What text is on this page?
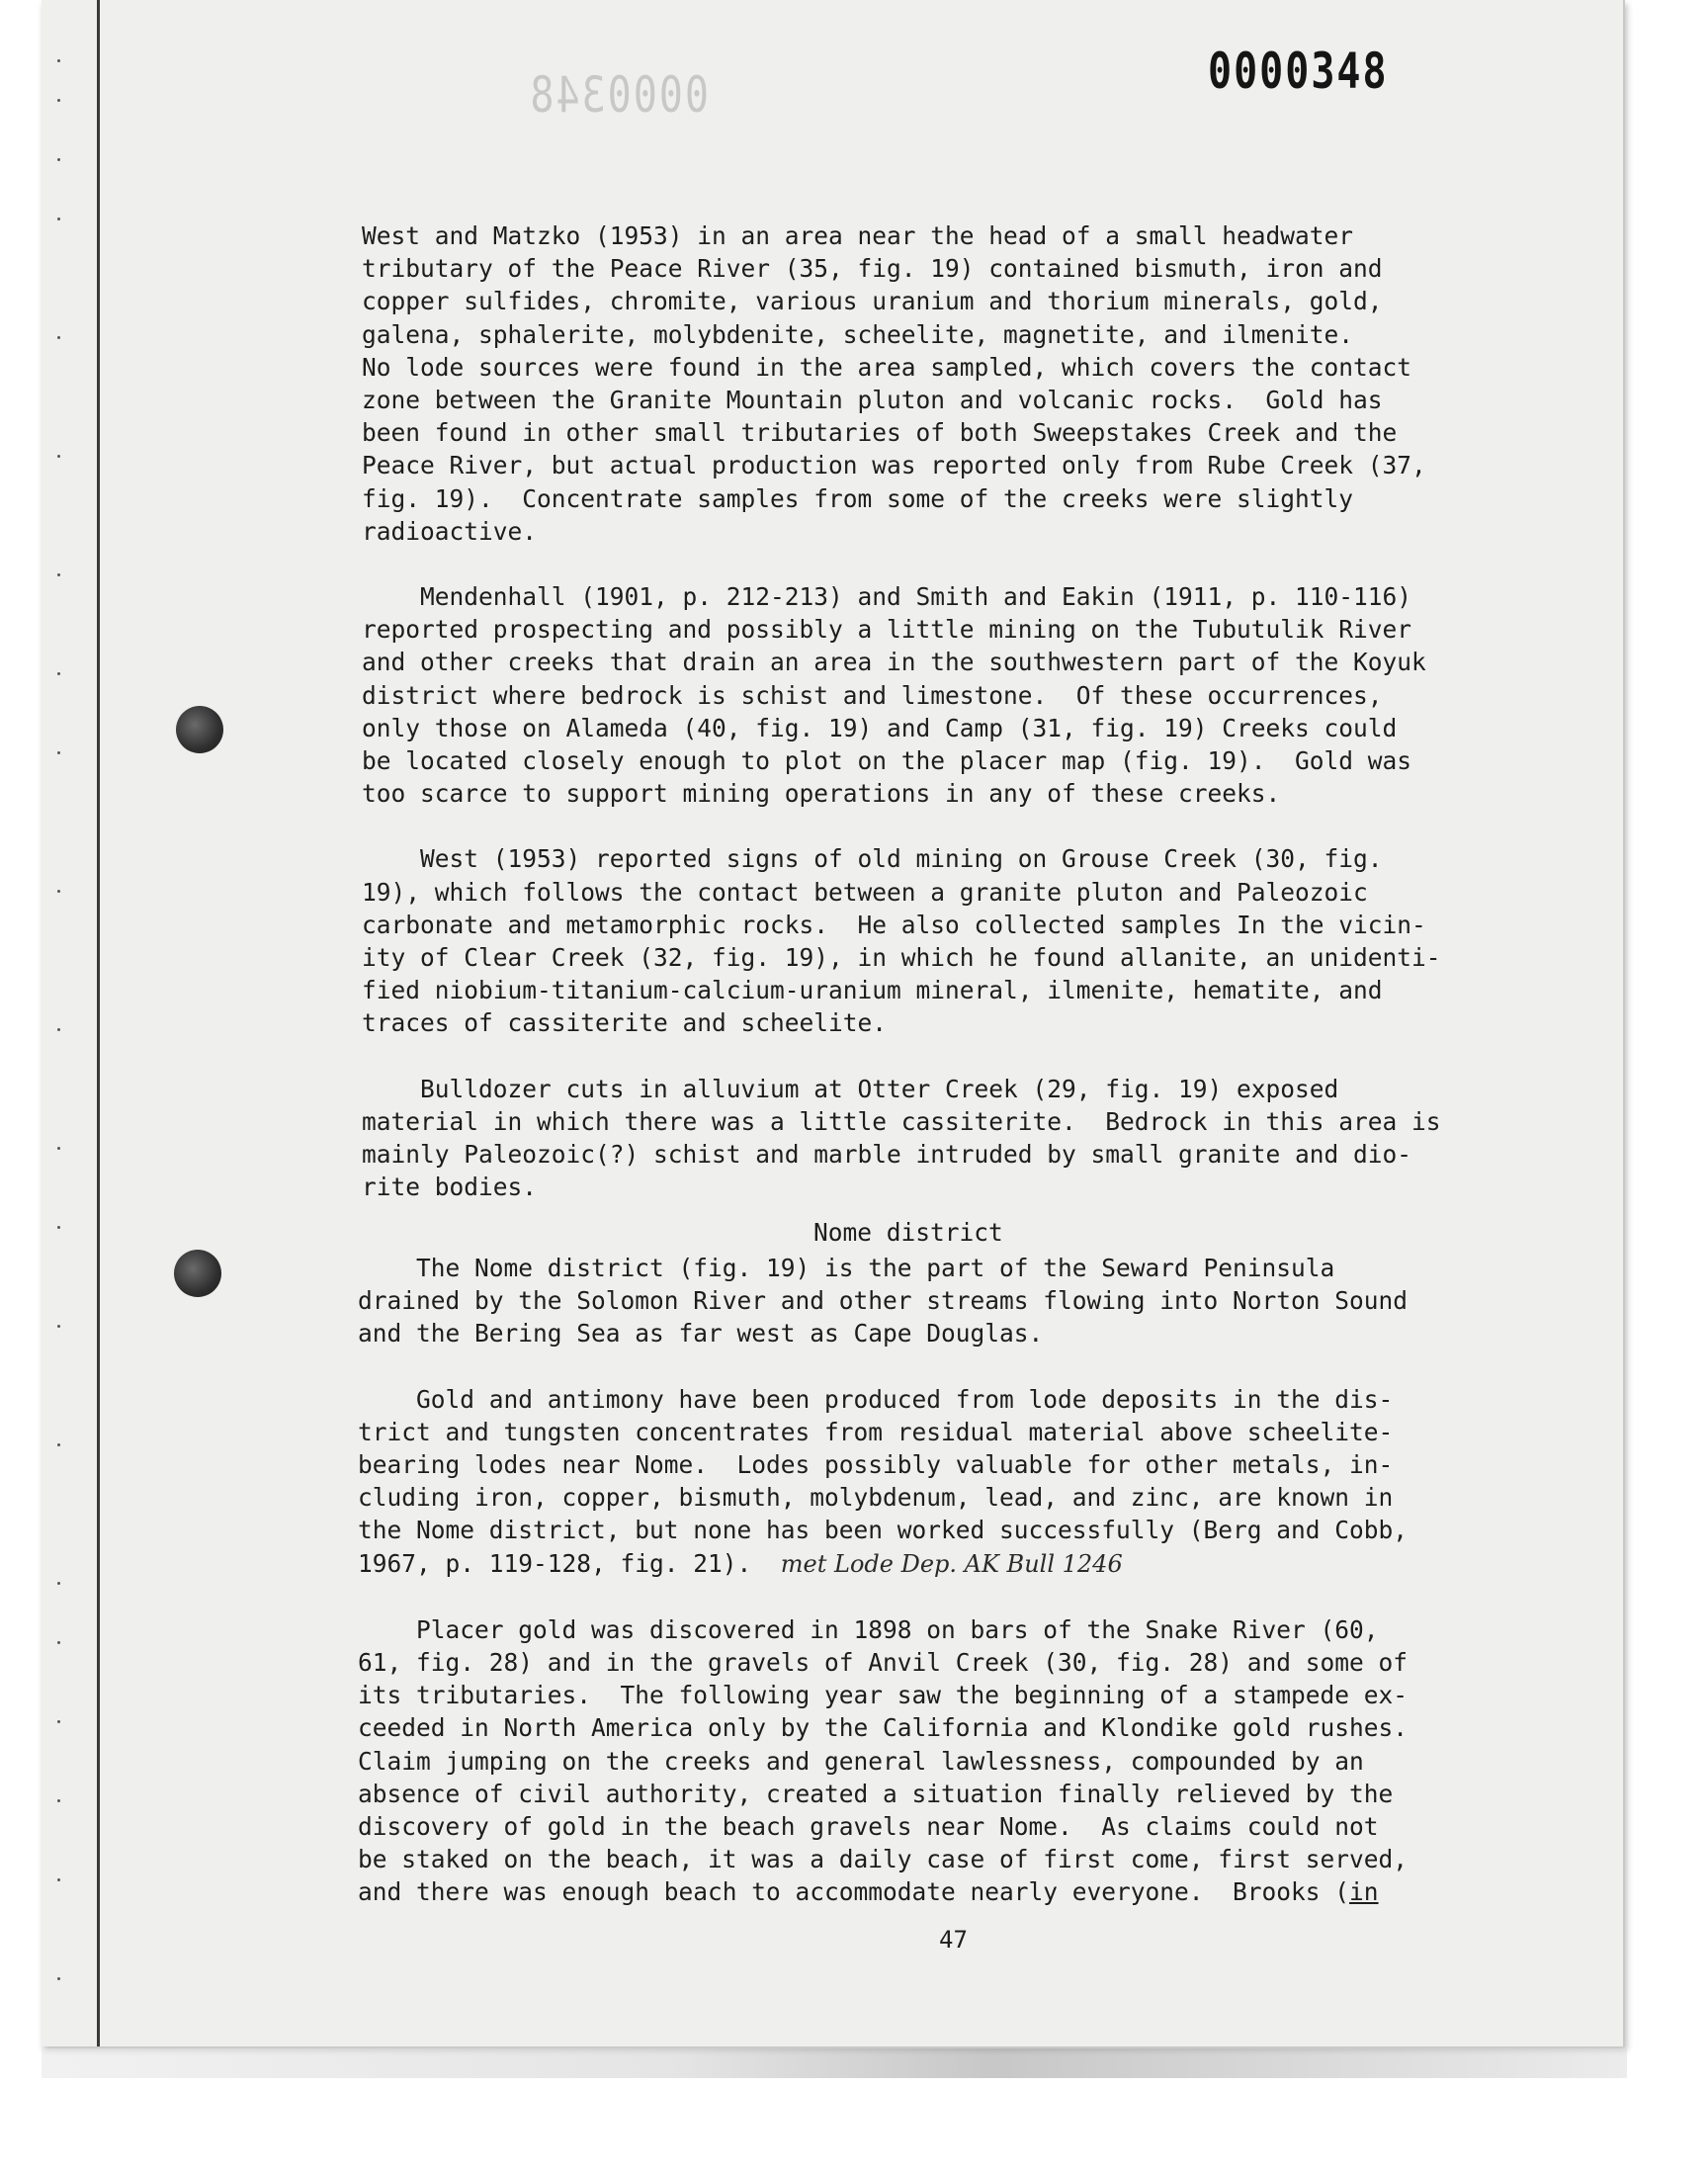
0000348	0000348
West and Matzko (1953) in an area near the head of a small headwater
tributary of the Peace River (35, fig. 19) contained bismuth, iron and
copper sulfides, chromite, various uranium and thorium minerals, gold,
galena, sphalerite, molybdenite, scheelite, magnetite, and ilmenite.
No lode sources were found in the area sampled, which covers the contact
zone between the Granite Mountain pluton and volcanic rocks.  Gold has
been found in other small tributaries of both Sweepstakes Creek and the
Peace River, but actual production was reported only from Rube Creek (37,
fig. 19).  Concentrate samples from some of the creeks were slightly
radioactive.
Mendenhall (1901, p. 212-213) and Smith and Eakin (1911, p. 110-116)
reported prospecting and possibly a little mining on the Tubutulik River
and other creeks that drain an area in the southwestern part of the Koyuk
district where bedrock is schist and limestone.  Of these occurrences,
only those on Alameda (40, fig. 19) and Camp (31, fig. 19) Creeks could
be located closely enough to plot on the placer map (fig. 19).  Gold was
too scarce to support mining operations in any of these creeks.
West (1953) reported signs of old mining on Grouse Creek (30, fig.
19), which follows the contact between a granite pluton and Paleozoic
carbonate and metamorphic rocks.  He also collected samples In the vicin-
ity of Clear Creek (32, fig. 19), in which he found allanite, an unidenti-
fied niobium-titanium-calcium-uranium mineral, ilmenite, hematite, and
traces of cassiterite and scheelite.
Bulldozer cuts in alluvium at Otter Creek (29, fig. 19) exposed
material in which there was a little cassiterite.  Bedrock in this area is
mainly Paleozoic(?) schist and marble intruded by small granite and dio-
rite bodies.
Nome district
The Nome district (fig. 19) is the part of the Seward Peninsula
drained by the Solomon River and other streams flowing into Norton Sound
and the Bering Sea as far west as Cape Douglas.
Gold and antimony have been produced from lode deposits in the dis-
trict and tungsten concentrates from residual material above scheelite-
bearing lodes near Nome.  Lodes possibly valuable for other metals, in-
cluding iron, copper, bismuth, molybdenum, lead, and zinc, are known in
the Nome district, but none has been worked successfully (Berg and Cobb,
1967, p. 119-128, fig. 21). met Lode Dep. AK Bull 1246
Placer gold was discovered in 1898 on bars of the Snake River (60,
61, fig. 28) and in the gravels of Anvil Creek (30, fig. 28) and some of
its tributaries.  The following year saw the beginning of a stampede ex-
ceeded in North America only by the California and Klondike gold rushes.
Claim jumping on the creeks and general lawlessness, compounded by an
absence of civil authority, created a situation finally relieved by the
discovery of gold in the beach gravels near Nome.  As claims could not
be staked on the beach, it was a daily case of first come, first served,
and there was enough beach to accommodate nearly everyone.  Brooks (in
47
